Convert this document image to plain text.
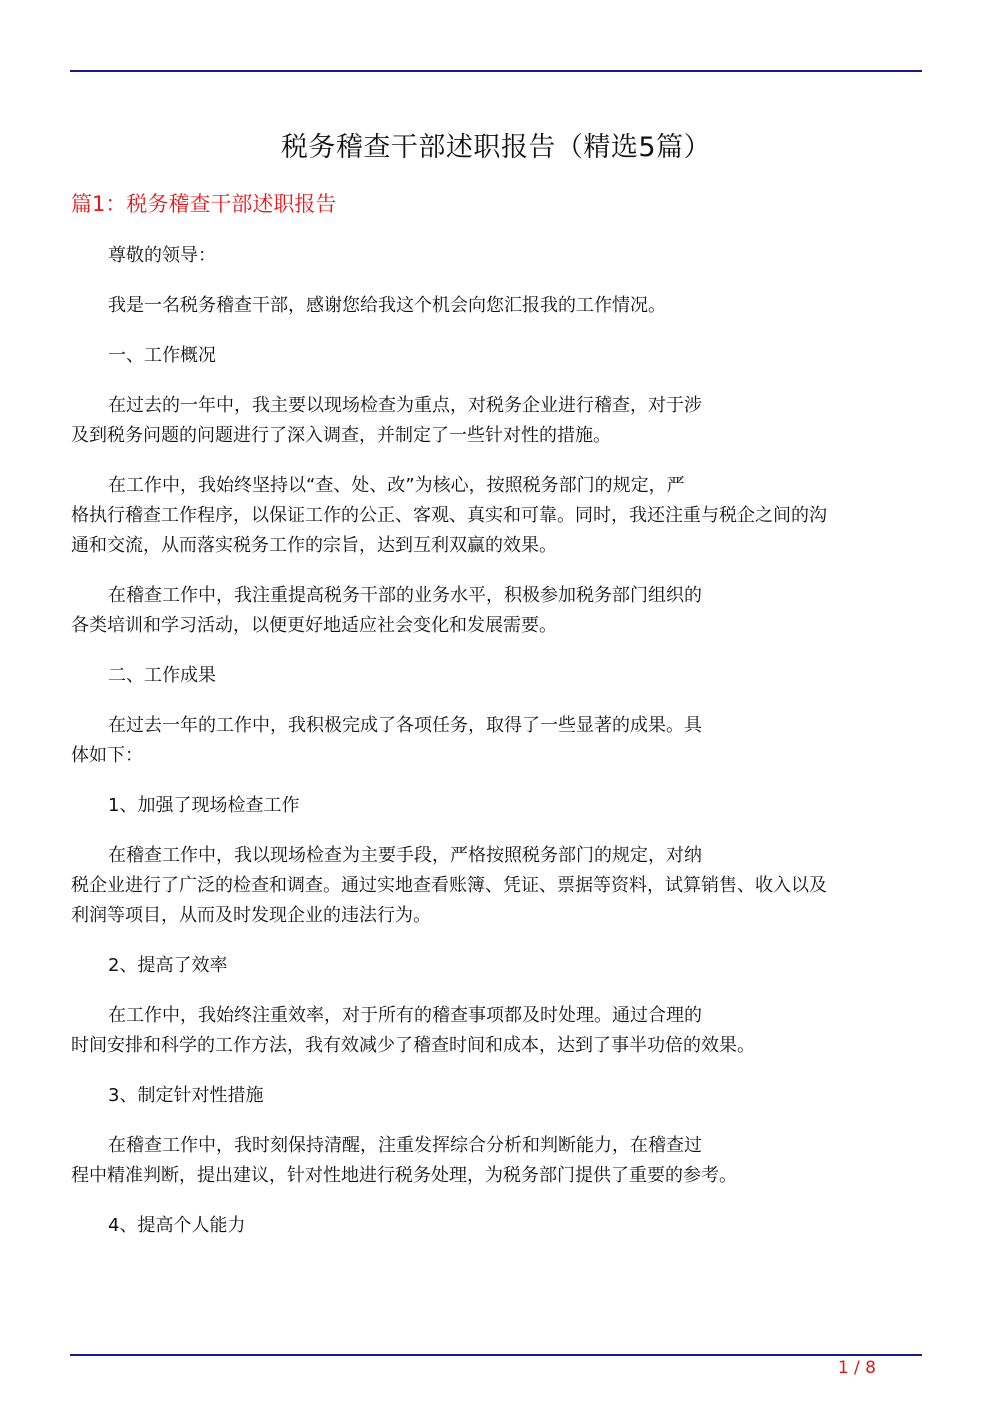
税务稽查干部述职报告（精选5篇）
篇1：税务稽查干部述职报告

尊敬的领导：

我是一名税务稽查干部，感谢您给我这个机会向您汇报我的工作情况。

一、工作概况

在过去的一年中，我主要以现场检查为重点，对税务企业进行稽查，对于涉
及到税务问题的问题进行了深入调查，并制定了一些针对性的措施。

在工作中，我始终坚持以“查、处、改”为核心，按照税务部门的规定，严
格执行稽查工作程序，以保证工作的公正、客观、真实和可靠。同时，我还注重与税企之间的沟
通和交流，从而落实税务工作的宗旨，达到互利双赢的效果。

在稽查工作中，我注重提高税务干部的业务水平，积极参加税务部门组织的
各类培训和学习活动，以便更好地适应社会变化和发展需要。

二、工作成果

在过去一年的工作中，我积极完成了各项任务，取得了一些显著的成果。具
体如下：

1、加强了现场检查工作

在稽查工作中，我以现场检查为主要手段，严格按照税务部门的规定，对纳
税企业进行了广泛的检查和调查。通过实地查看账簿、凭证、票据等资料，试算销售、收入以及
利润等项目，从而及时发现企业的违法行为。

2、提高了效率

在工作中，我始终注重效率，对于所有的稽查事项都及时处理。通过合理的
时间安排和科学的工作方法，我有效减少了稽查时间和成本，达到了事半功倍的效果。

3、制定针对性措施

在稽查工作中，我时刻保持清醒，注重发挥综合分析和判断能力，在稽查过
程中精准判断，提出建议，针对性地进行税务处理，为税务部门提供了重要的参考。

4、提高个人能力

1 / 8
